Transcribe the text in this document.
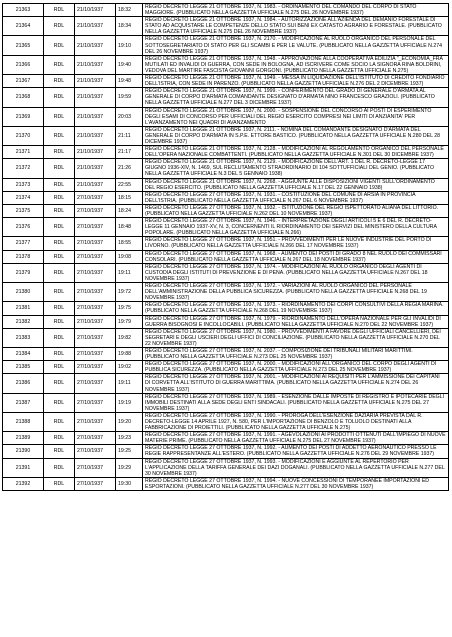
21363	RDL	21/10/1937	18:32	REGIO DECRETO LEGGE 21 OTTOBRE 1937, N. 1983. - ORDINAMENTO DEL COMANDO DEL CORPO DI STATO MAGGIORE. (PUBBLICATO NELLA GAZZETTA UFFICIALE N.275 DEL 26 NOVEMBRE 1937)
21364	RDL	21/10/1937	18:34	REGIO DECRETO LEGGE 21 OTTOBRE 1937, N. 1984. - AUTORIZZAZIONE ALL'AZIENDA DEL DEMANIO FORESTALE DI STATO AD ACQUISTARE LE COMPETENZE DELLO STATO SUI BENI EX CATASTO AGRARIO E FORESTALE. (PUBBLICATO NELLA GAZZETTA UFFICIALE N.275 DEL 26 NOVEMBRE 1937)
21365	RDL	21/10/1937	19:10	REGIO DECRETO LEGGE 21 OTTOBRE 1937, N. 2170. - MODIFICAZIONE AL RUOLO ORGANICO DEL PERSONALE DEL SOTTOSEGRETARIATO DI STATO PER GLI SCAMBI E PER LE VALUTE. (PUBBLICATO NELLA GAZZETTA UFFICIALE N.274 DEL 26 NOVEMBRE 1937)
21366	RDL	21/10/1937	19:40	REGIO DECRETO LEGGE 21 OTTOBRE 1937, N. 1948. - APPROVAZIONE ALLA COOPERATIVA EDILIZIA "_ECONOMIA_FRA MUTILATI ED INVALIDI DI GUERRA, CON SEDE IN BOLOGNA, AD ISCRIVERE COME SOCIO LA SIGNORA RINA BOLDRINI, VEDOVA DEL MARTIRE FASCISTA GIOVANNI GORGONI. (PUBBLICATO NELLA GAZZETTA UFFICIALE N.275)
21367	RDL	21/10/1937	19:48	REGIO DECRETO LEGGE 21 OTTOBRE 1937, N. 1949. - MESSA IN LIQUIDAZIONE DELL'ISTITUTO DI CREDITO FONDIARIO DELL'ISTRIA, CON SEDE IN PARENZO. (PUBBLICATO NELLA GAZZETTA UFFICIALE N.276 DEL 2 DICEMBRE 1937)
21368	RDL	21/10/1937	19:59	REGIO DECRETO LEGGE 21 OTTOBRE 1937, N. 1999. - CONFERIMENTO DEL GRADO DI GENERALE D'ARMATA AL GENERALE DI CORPO D'ARMATA COMANDANTE DESIGNATO D'ARMATA NINO FRANCESCO GRAZIOLI. (PUBBLICATO NELLA GAZZETTA UFFICIALE N.277 DEL 3 DICEMBRE 1937)
21369	RDL	21/10/1937	20:03	REGIO DECRETO LEGGE 21 OTTOBRE 1937, N. 2000. - SOSPENSIONE DEL CONCORSO AI POSTI DI ESPERIMENTO DEGLI ESAMI DI CONCORSO PER UFFICIALI DEL REGIO ESERCITO COMPRESI NEI LIMITI DI ANZIANITA' PER L'AVANZAMENTO NEI QUADRI DI AVANZAMENTO
21370	RDL	21/10/1937	21:11	REGIO DECRETO LEGGE 21 OTTOBRE 1937, N. 2111. - NOMINA DEL COMANDANTE DESIGNATO D'ARMATA DEL GENERALE DI CORPO D'ARMATA IN S.P.E. ETTORE BASTICO. (PUBBLICATO NELLA GAZZETTA UFFICIALE N.280 DEL 28 DICEMBRE 1937)
21371	RDL	21/10/1937	21:17	REGIO DECRETO LEGGE 21 OTTOBRE 1937, N. 2128. - MODIFICAZIONI AL REGOLAMENTO ORGANICO DEL PERSONALE DELL'OPERA NAZIONALE COMBATTENTI. (PUBBLICATO NELLA GAZZETTA UFFICIALE N.301 DEL 30 DICEMBRE 1937)
21372	RDL	21/10/1937	21:26	REGIO DECRETO LEGGE 21 OTTOBRE 1937, N. 2129. - MODIFICAZIONE DELL'ART. 1 DEL R. DECRETO-LEGGE 17 GIUGNO 1936-XIV, N. 1469, SUL RECLUTAMENTO STRAORDINARIO DI 104 SOTTUFFICIALI DEL GENIO. (PUBBLICATO NELLA GAZZETTA UFFICIALE N.3 DEL 5 GENNAIO 1938)
21373	RDL	21/10/1937	22:55	REGIO DECRETO LEGGE 21 OTTOBRE 1937, N. 2268. - AGGIUNTE ALLE DISPOSIZIONI VIGENTI SULL'ORDINAMENTO DEL REGIO ESERCITO. (PUBBLICATO NELLA GAZZETTA UFFICIALE N.17 DEL 22 GENNAIO 1938)
21374	RDL	27/10/1937	18:15	REGIO DECRETO LEGGE 27 OTTOBRE 1937, N. 1931. - COSTITUZIONE DEL COMUNE DI ARSIA IN PROVINCIA DELL'ISTRIA. (PUBBLICATO NELLA GAZZETTA UFFICIALE N.267 DEL 6 NOVEMBRE 1937)
21375	RDL	27/10/1937	18:24	REGIO DECRETO LEGGE 27 OTTOBRE 1937, N. 1932. - ISTITUZIONE DEL REGIO ISPETTORATO ALIANA DEL LITTORIO. (PUBBLICATO NELLA GAZZETTA UFFICIALE N.262 DEL 10 NOVEMBRE 1937)
21376	RDL	27/10/1937	18:48	REGIO DECRETO LEGGE 27 OTTOBRE 1937, N. 1946. - INTERPRETAZIONE DEGLI ARTICOLI 5 E 6 DEL R. DECRETO-LEGGE 11 GENNAIO 1937-XV, N. 3, CONCERNENTI IL RIORDINAMENTO DEI SERVIZI DEL MINISTERO DELLA CULTURA POPOLARE. (PUBBLICATO NELLA GAZZETTA UFFICIALE N.266)
21377	RDL	27/10/1937	18:55	REGIO DECRETO LEGGE 27 OTTOBRE 1937, N. 1951. - PROVVEDIMENTI PER LE NUOVE INDUSTRIE DEL PORTO DI LIVORNO. (PUBBLICATO NELLA GAZZETTA UFFICIALE N.266 DEL 17 NOVEMBRE 1937)
21378	RDL	27/10/1937	19:08	REGIO DECRETO LEGGE 27 OTTOBRE 1937, N. 1968. - AUMENTO DEI POSTI DI GRADO 8 NEL RUOLO DEI COMMISSARI CONSOLARI. (PUBBLICATO NELLA GAZZETTA UFFICIALE N.267 DEL 18 NOVEMBRE 1937)
21379	RDL	27/10/1937	19:11	REGIO DECRETO LEGGE 27 OTTOBRE 1937, N. 1974. - MODIFICAZIONI AL RUOLO ORGANICO DEGLI AGENTI DI CUSTODIA DEGLI ISTITUTI DI PREVENZIONE E DI PENA. (PUBBLICATO NELLA GAZZETTA UFFICIALE N.267 DEL 18 NOVEMBRE 1937)
21380	RDL	27/10/1937	19:72	REGIO DECRETO LEGGE 27 OTTOBRE 1937, N. 1972. - VARIAZIONI AL RUOLO ORGANICO DEL PERSONALE DELL'AMMINISTRAZIONE DELLA PUBBLICA SICUREZZA. (PUBBLICATO NELLA GAZZETTA UFFICIALE N.268 DEL 19 NOVEMBRE 1937)
21381	RDL	27/10/1937	19:75	REGIO DECRETO LEGGE 27 OTTOBRE 1937, N. 1973. - RIORDINAMENTO DEI CORPI CONSULTIVI DELLA REGIA MARINA. (PUBBLICATO NELLA GAZZETTA UFFICIALE N.268 DEL 19 NOVEMBRE 1937)
21382	RDL	27/10/1937	19:79	REGIO DECRETO LEGGE 27 OTTOBRE 1937, N. 1979. - RIORDINAMENTO DELL'OPERA NAZIONALE PER GLI INVALIDI DI GUERRA BISOGNOSI E INCOLLOCABILI. (PUBBLICATO NELLA GAZZETTA UFFICIALE N.270 DEL 22 NOVEMBRE 1937)
21383	RDL	27/10/1937	19:82	REGIO DECRETO LEGGE 27 OTTOBRE 1937, N. 1980. - PROVVEDIMENTI A FAVORE DEGLI UFFICIALI CANCELLIERI, DEI SEGRETARI E DEGLI USCIERI DEGLI UFFICI DI CONCILIAZIONE. (PUBBLICATO NELLA GAZZETTA UFFICIALE N.270 DEL 22 NOVEMBRE 1937)
21384	RDL	27/10/1937	19:88	REGIO DECRETO LEGGE 27 OTTOBRE 1937, N. 2037. - COMPOSIZIONE DEI TRIBUNALI MILITARI MARITTIMI. (PUBBLICATO NELLA GAZZETTA UFFICIALE N.273 DEL 25 NOVEMBRE 1937)
21385	RDL	27/10/1937	19:02	REGIO DECRETO LEGGE 27 OTTOBRE 1937, N. 2000. - MODIFICAZIONI ALL'ORGANICO DEL CORPO DEGLI AGENTI DI PUBBLICA SICUREZZA. (PUBBLICATO NELLA GAZZETTA UFFICIALE N.273 DEL 25 NOVEMBRE 1937)
21386	RDL	27/10/1937	19:11	REGIO DECRETO LEGGE 27 OTTOBRE 1937, N. 2001. - MODIFICAZIONI AI REQUISITI PER L'AMMISSIONE DEI CAPITANI DI CORVETTA ALL'ISTITUTO DI GUERRA MARITTIMA. (PUBBLICATO NELLA GAZZETTA UFFICIALE N.274 DEL 26 NOVEMBRE 1937)
21387	RDL	27/10/1937	19:19	REGIO DECRETO LEGGE 27 OTTOBRE 1937, N. 1989. - ESENZIONE DALLE IMPOSTE DI REGISTRO E IPOTECARIE DEGLI IMMOBILI DESTINATI ALLA SEDE DEGLI ENTI SINDACALI. (PUBBLICATO NELLA GAZZETTA UFFICIALE N.275 DEL 27 NOVEMBRE 1937)
21388	RDL	27/10/1937	19:20	REGIO DECRETO LEGGE 27 OTTOBRE 1937, N. 1990. - PROROGA DELL'ESENZIONE DAZIARIA PREVISTA DAL R. DECRETO-LEGGE 14 APRILE 1927, N. 580, PER L'IMPORTAZIONE DI BENZOLO E TOLUOLO DESTINATI ALLA FABBRICAZIONE DI PROIETTILI. (PUBBLICATO NELLA GAZZETTA UFFICIALE N.275)
21389	RDL	27/10/1937	19:23	REGIO DECRETO LEGGE 27 OTTOBRE 1937, N. 1991. - AGEVOLAZIONI AI PRODOTTI OTTENUTI DALL'IMPIEGO DI NUOVE MATERIE PRIME. (PUBBLICATO NELLA GAZZETTA UFFICIALE N.275 DEL 27 NOVEMBRE 1937)
21390	RDL	27/10/1937	19:25	REGIO DECRETO LEGGE 27 OTTOBRE 1937, N. 1992. - AUMENTO DEI POSTI DI ADDETTO AERONAUTICO PRESSO LE REGIE RAPPRESENTANZE ALL'ESTERO. (PUBBLICATO NELLA GAZZETTA UFFICIALE N.276 DEL 29 NOVEMBRE 1937)
21391	RDL	27/10/1937	19:29	REGIO DECRETO LEGGE 27 OTTOBRE 1937, N. 1993. - MODIFICAZIONI E AGGIUNTE AL REPERTORIO PER L'APPLICAZIONE DELLA TARIFFA GENERALE DEI DAZI DOGANALI. (PUBBLICATO NELLA GAZZETTA UFFICIALE N.277 DEL 30 NOVEMBRE 1937)
21392	RDL	27/10/1937	19:30	REGIO DECRETO LEGGE 27 OTTOBRE 1937, N. 1994. - NUOVE CONCESSIONI DI TEMPORANEE IMPORTAZIONI ED ESPORTAZIONI. (PUBBLICATO NELLA GAZZETTA UFFICIALE N.277 DEL 30 NOVEMBRE 1937)
